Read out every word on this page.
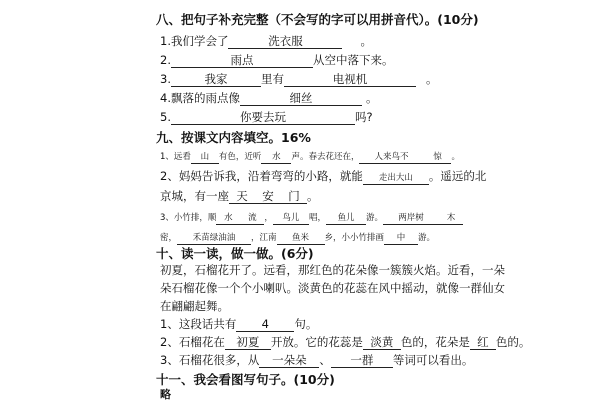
八、把句子补充完整（不会写的字可以用拼音代）。(10分)
1.我们学会了	洗衣服	。
2.	雨点	从空中落下来。
3.	我家	里有	电视机	。
4.飘落的雨点像	细丝	。
5.	你要去玩	吗?
九、按课文内容填空。16%
1、远看 山 有色，近听 水 声。春去花还在， 人来鸟不	惊 。
2、妈妈告诉我，沿着弯弯的小路，就能 走出大山 。遥远的北
京城，有一座 天 安 门 。
3、小竹排，顺 水 流 ， 鸟儿 唱， 鱼儿 游。 两岸树	木
密， 禾苗绿油油 ，江南 鱼米 乡，小小竹排画 中 游。
十、读一读，做一做。(6分)
初夏，石榴花开了。远看，那红色的花朵像一簇簇火焰。近看，一朵
朵石榴花像一个个小喇叭。淡黄色的花蕊在风中摇动，就像一群仙女
在翩翩起舞。
1、这段话共有 4 句。
2、石榴花在 初夏 开放。它的花蕊是 淡黄 色的，花朵是 红 色的。
3、石榴花很多，从 一朵朵 、 一群 等词可以看出。
十一、我会看图写句子。(10分)
略
